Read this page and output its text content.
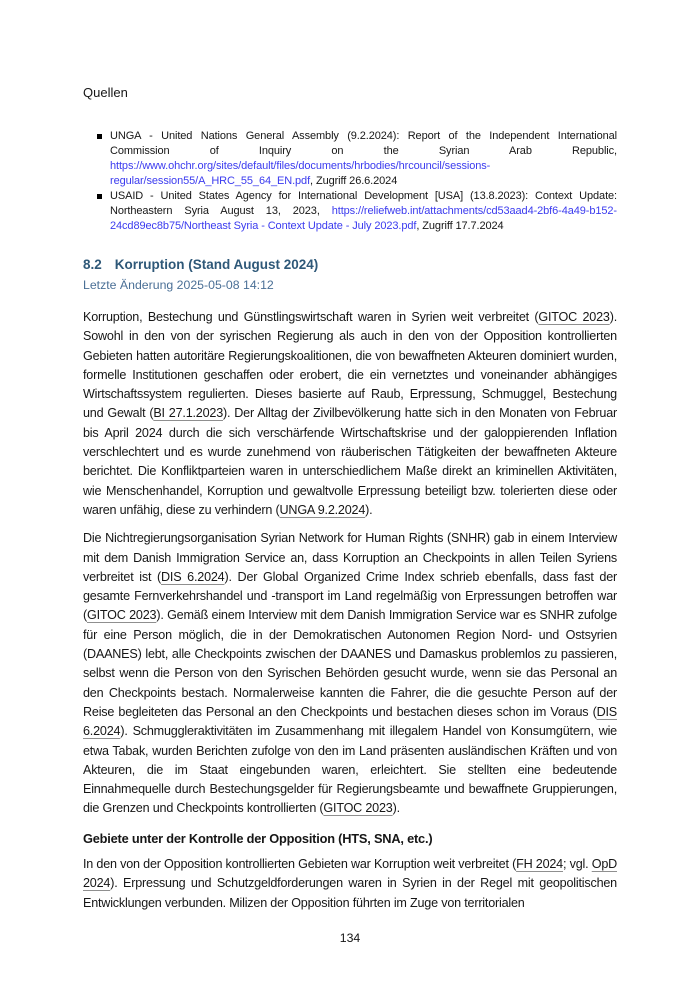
Quellen
UNGA - United Nations General Assembly (9.2.2024): Report of the Independent International Commission of Inquiry on the Syrian Arab Republic, https://www.ohchr.org/sites/default/files/documents/hrbodies/hrcouncil/sessions-regular/session55/A_HRC_55_64_EN.pdf, Zugriff 26.6.2024
USAID - United States Agency for International Development [USA] (13.8.2023): Context Update: Northeastern Syria August 13, 2023, https://reliefweb.int/attachments/cd53aad4-2bf6-4a49-b152-24cd89ec8b75/Northeast Syria - Context Update - July 2023.pdf, Zugriff 17.7.2024
8.2 Korruption (Stand August 2024)
Letzte Änderung 2025-05-08 14:12

Korruption, Bestechung und Günstlingswirtschaft waren in Syrien weit verbreitet (GITOC 2023). Sowohl in den von der syrischen Regierung als auch in den von der Opposition kontrollierten Gebieten hatten autoritäre Regierungskoalitionen, die von bewaffneten Akteuren dominiert wurden, formelle Institutionen geschaffen oder erobert, die ein vernetztes und voneinander abhängiges Wirtschaftssystem regulierten. Dieses basierte auf Raub, Erpressung, Schmuggel, Bestechung und Gewalt (BI 27.1.2023). Der Alltag der Zivilbevölkerung hatte sich in den Monaten von Februar bis April 2024 durch die sich verschärfende Wirtschaftskrise und der galoppierenden Inflation verschlechtert und es wurde zunehmend von räuberischen Tätigkeiten der bewaffneten Akteure berichtet. Die Konfliktparteien waren in unterschiedlichem Maße direkt an kriminellen Aktivitäten, wie Menschenhandel, Korruption und gewaltvolle Erpressung beteiligt bzw. tolerierten diese oder waren unfähig, diese zu verhindern (UNGA 9.2.2024).

Die Nichtregierungsorganisation Syrian Network for Human Rights (SNHR) gab in einem Interview mit dem Danish Immigration Service an, dass Korruption an Checkpoints in allen Teilen Syriens verbreitet ist (DIS 6.2024). Der Global Organized Crime Index schrieb ebenfalls, dass fast der gesamte Fernverkehrshandel und -transport im Land regelmäßig von Erpressungen betroffen war (GITOC 2023). Gemäß einem Interview mit dem Danish Immigration Service war es SNHR zufolge für eine Person möglich, die in der Demokratischen Autonomen Region Nord- und Ostsyrien (DAANES) lebt, alle Checkpoints zwischen der DAANES und Damaskus problemlos zu passieren, selbst wenn die Person von den Syrischen Behörden gesucht wurde, wenn sie das Personal an den Checkpoints bestach. Normalerweise kannten die Fahrer, die die gesuchte Person auf der Reise begleiteten das Personal an den Checkpoints und bestachen dieses schon im Voraus (DIS 6.2024). Schmuggleraktivitäten im Zusammenhang mit illegalem Handel von Konsumgütern, wie etwa Tabak, wurden Berichten zufolge von den im Land präsenten ausländischen Kräften und von Akteuren, die im Staat eingebunden waren, erleichtert. Sie stellten eine bedeutende Einnahmequelle durch Bestechungsgelder für Regierungsbeamte und bewaffnete Gruppierungen, die Grenzen und Checkpoints kontrollierten (GITOC 2023).

Gebiete unter der Kontrolle der Opposition (HTS, SNA, etc.)

In den von der Opposition kontrollierten Gebieten war Korruption weit verbreitet (FH 2024; vgl. OpD 2024). Erpressung und Schutzgeldforderungen waren in Syrien in der Regel mit geopolitischen Entwicklungen verbunden. Milizen der Opposition führten im Zuge von territorialen

134
